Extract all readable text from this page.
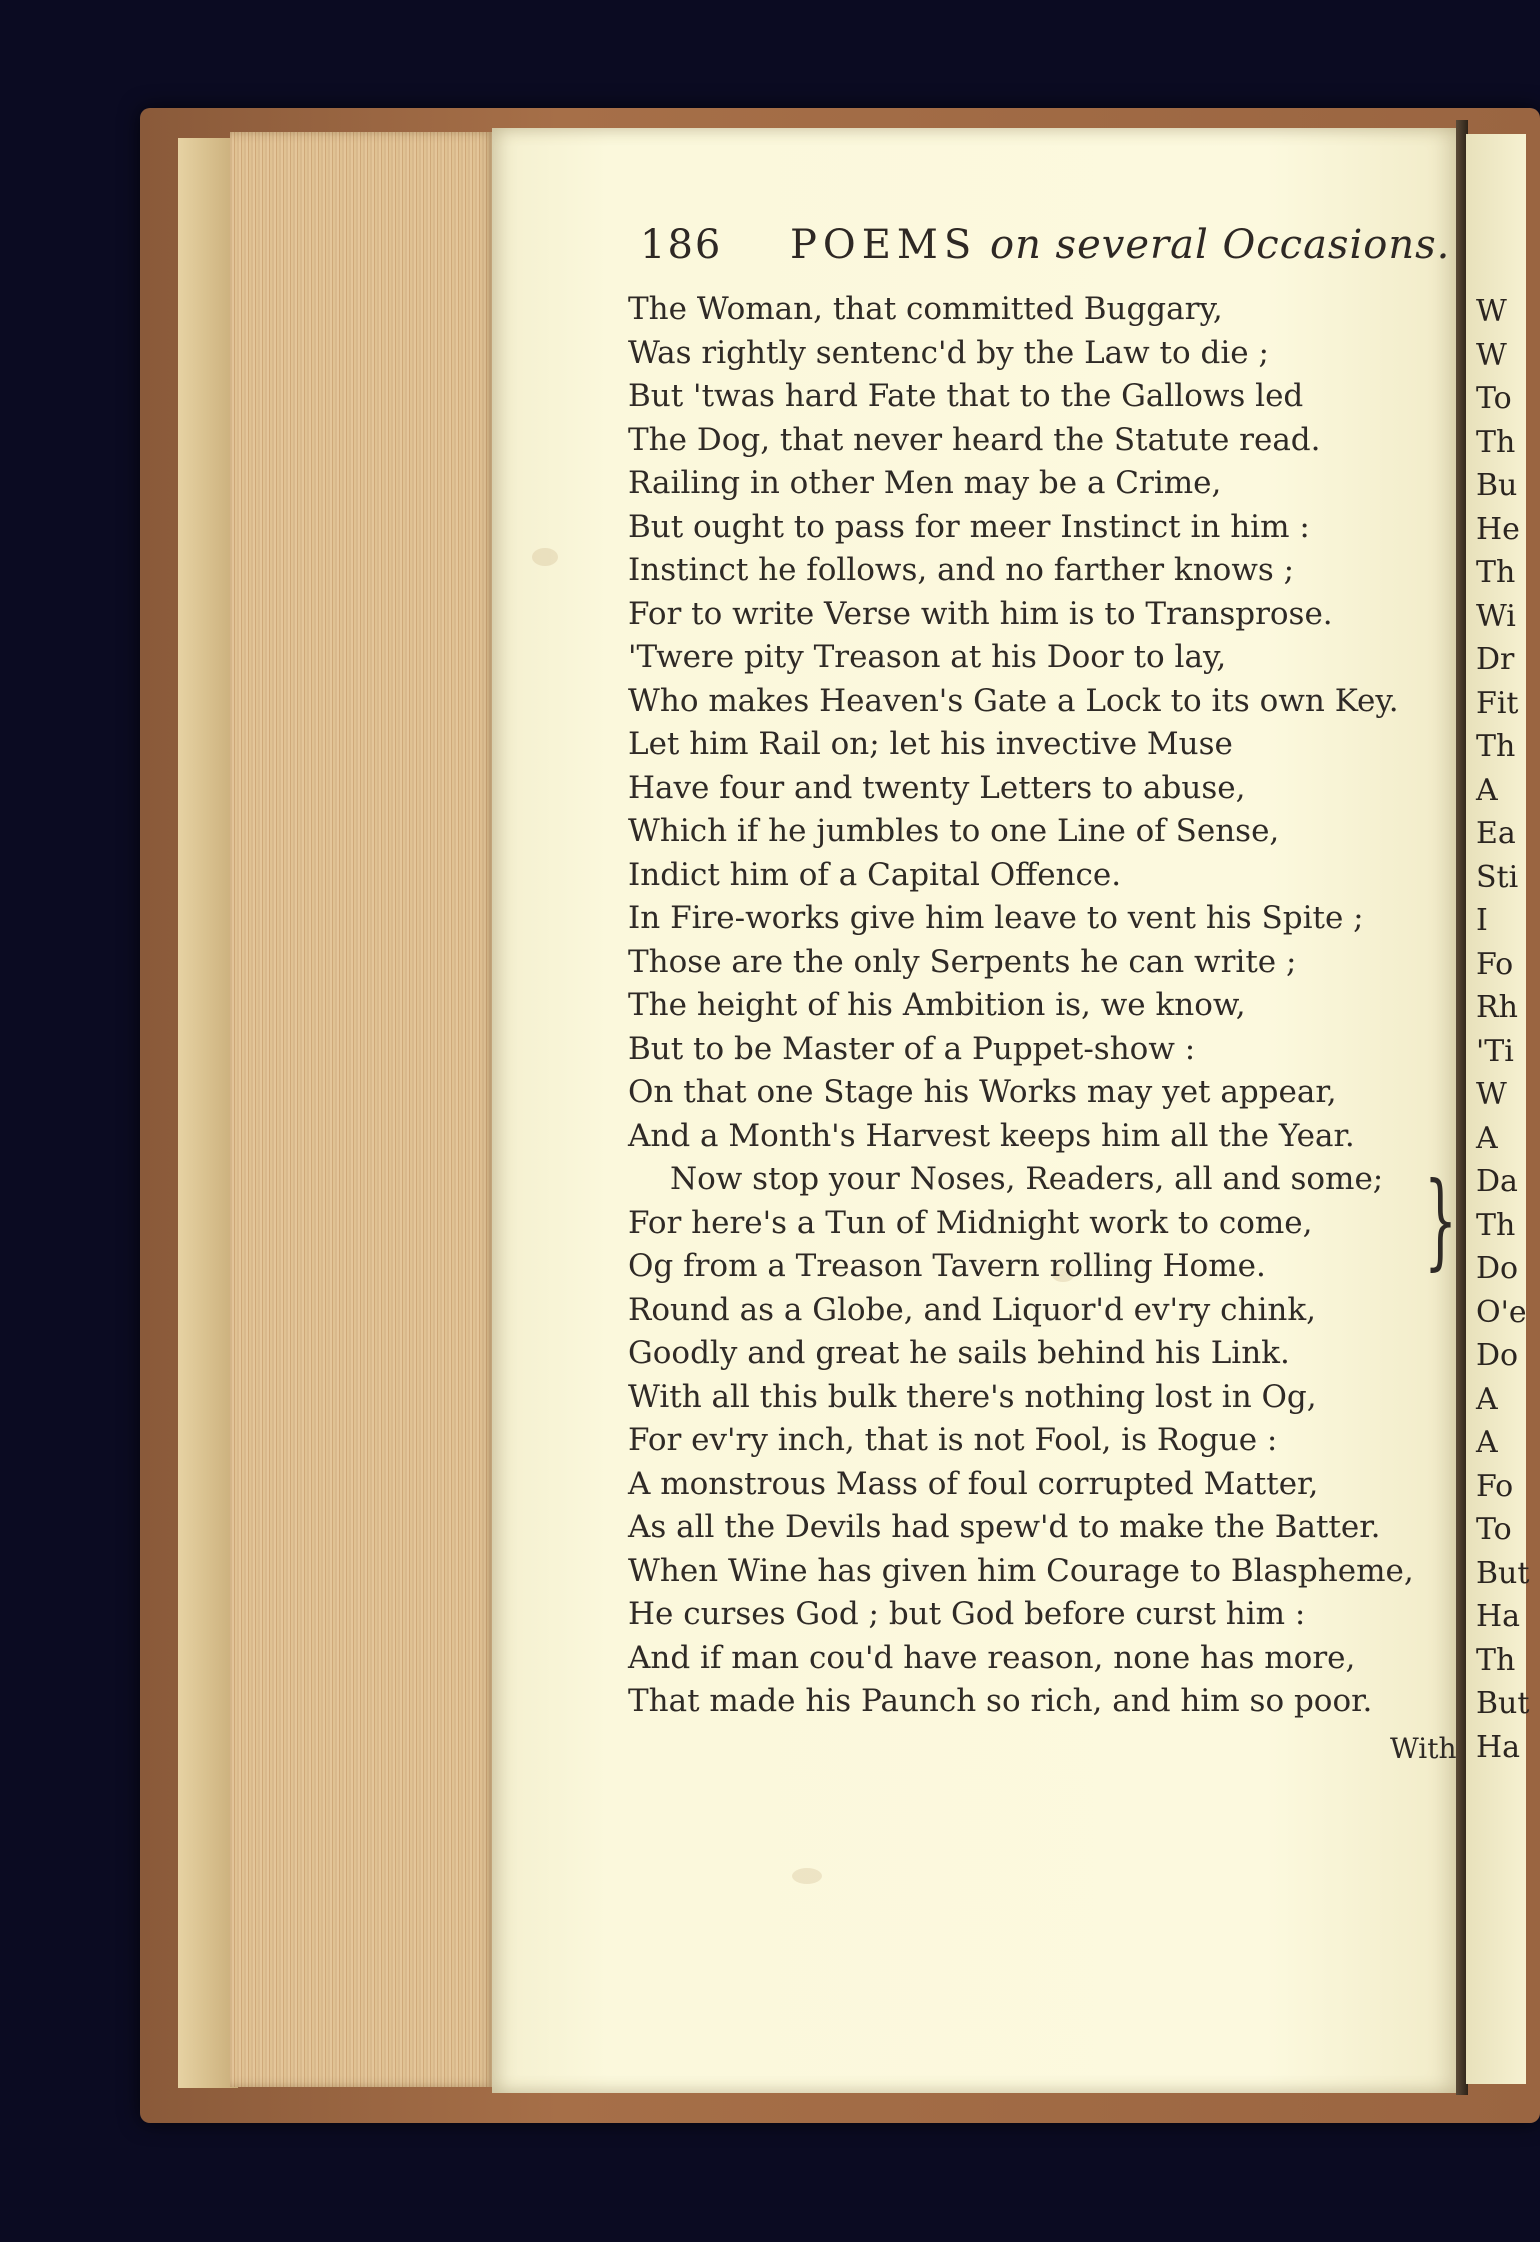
W
W
To
Th
Bu
He
Th
Wi
Dr
Fit
Th
A
Ea
Sti
I
Fo
Rh
'Ti
W
A
Da
Th
Do
O'e
Do
A
A
Fo
To
But
Ha
Th
But
Ha
186 POEMS on several Occasions.
The Woman, that committed Buggary,
Was rightly sentenc'd by the Law to die ;
But 'twas hard Fate that to the Gallows led
The Dog, that never heard the Statute read.
Railing in other Men may be a Crime,
But ought to pass for meer Instinct in him :
Instinct he follows, and no farther knows ;
For to write Verse with him is to Transprose.
'Twere pity Treason at his Door to lay,
Who makes Heaven's Gate a Lock to its own Key.
Let him Rail on; let his invective Muse
Have four and twenty Letters to abuse,
Which if he jumbles to one Line of Sense,
Indict him of a Capital Offence.
In Fire-works give him leave to vent his Spite ;
Those are the only Serpents he can write ;
The height of his Ambition is, we know,
But to be Master of a Puppet-show :
On that one Stage his Works may yet appear,
And a Month's Harvest keeps him all the Year.
Now stop your Noses, Readers, all and some;
For here's a Tun of Midnight work to come,
Og from a Treason Tavern rolling Home.
Round as a Globe, and Liquor'd ev'ry chink,
Goodly and great he sails behind his Link.
With all this bulk there's nothing lost in Og,
For ev'ry inch, that is not Fool, is Rogue :
A monstrous Mass of foul corrupted Matter,
As all the Devils had spew'd to make the Batter.
When Wine has given him Courage to Blaspheme,
He curses God ; but God before curst him :
And if man cou'd have reason, none has more,
That made his Paunch so rich, and him so poor.
}
With
